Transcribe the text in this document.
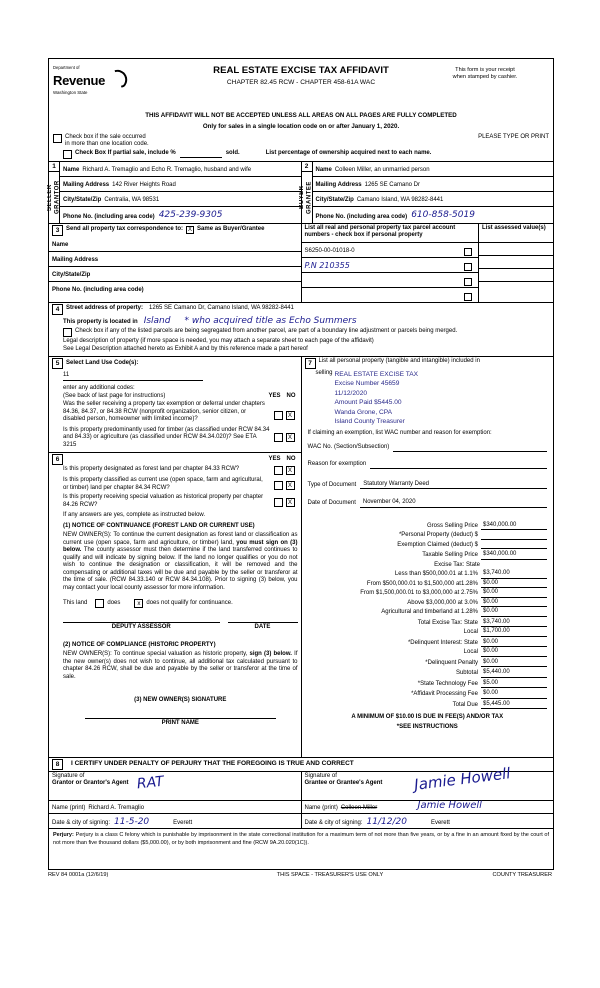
Department of
Revenue
Washington State
REAL ESTATE EXCISE TAX AFFIDAVIT
CHAPTER 82.45 RCW - CHAPTER 458-61A WAC
This form is your receipt
when stamped by cashier.
THIS AFFIDAVIT WILL NOT BE ACCEPTED UNLESS ALL AREAS ON ALL PAGES ARE FULLY COMPLETED
Only for sales in a single location code on or after January 1, 2020.
Check box if the sale occurred
in more than one location code.
PLEASE TYPE OR PRINT
Check Box If partial sale, include %	sold.	List percentage of ownership acquired next to each name.
1
SELLER GRANTOR
Name Richard A. Tremaglio and Echo R. Tremaglio, husband and wife
Mailing Address 142 River Heights Road
City/State/Zip Centralia, WA 98531
Phone No. (including area code) 425-239-9305
2
BUYER GRANTEE
Name Colleen Miller, an unmarried person
Mailing Address 1265 SE Camano Dr
City/State/Zip Camano Island, WA 98282-8441
Phone No. (including area code) 610-858-5019
3	Send all property tax correspondence to: X Same as Buyer/Grantee
Name
Mailing Address
City/State/Zip
Phone No. (including area code)
List all real and personal property tax parcel account numbers - check box if personal property
S6250-00-01018-0
P.N 210355
List assessed value(s)
4	Street address of property: 1265 SE Camano Dr, Camano Island, WA 98282-8441
This property is located in Island * who acquired title as Echo Summers
Check box if any of the listed parcels are being segregated from another parcel, are part of a boundary line adjustment or parcels being merged.
Legal description of property (if more space is needed, you may attach a separate sheet to each page of the affidavit)
See Legal Description attached hereto as Exhibit A and by this reference made a part hereof
5	Select Land Use Code(s):
11
enter any additional codes:
(See back of last page for instructions)	YES NO
Was the seller receiving a property tax exemption or deferral under chapters 84.36, 84.37, or 84.38 RCW (nonprofit organization, senior citizen, or disabled person, homeowner with limited income)?	X
Is this property predominantly used for timber (as classified under RCW 84.34 and 84.33) or agriculture (as classified under RCW 84.34.020)? See ETA 3215
X
6	YES NO
Is this property designated as forest land per chapter 84.33 RCW?	X
Is this property classified as current use (open space, farm and agricultural, or timber) land per chapter 84.34 RCW?	X
Is this property receiving special valuation as historical property per chapter 84.26 RCW?	X
If any answers are yes, complete as instructed below.
(1) NOTICE OF CONTINUANCE (FOREST LAND OR CURRENT USE)
NEW OWNER(S): To continue the current designation as forest land or classification as current use (open space, farm and agriculture, or timber) land, you must sign on (3) below. The county assessor must then determine if the land transferred continues to qualify and will indicate by signing below. If the land no longer qualifies or you do not wish to continue the designation or classification, it will be removed and the compensating or additional taxes will be due and payable by the seller or transferor at the time of sale. (RCW 84.33.140 or RCW 84.34.108). Prior to signing (3) below, you may contact your local county assessor for more information.
This land	does	x does not qualify for continuance.
DEPUTY ASSESSOR	DATE
(2) NOTICE OF COMPLIANCE (HISTORIC PROPERTY)
NEW OWNER(S): To continue special valuation as historic property, sign (3) below. If the new owner(s) does not wish to continue, all additional tax calculated pursuant to chapter 84.26 RCW, shall be due and payable by the seller or transferor at the time of sale.
(3) NEW OWNER(S) SIGNATURE
PRINT NAME
7	List all personal property (tangible and intangible) included in
selling REAL ESTATE EXCISE TAX
Excise Number 45659
11/12/2020
Amount Paid $5445.00
Wanda Grone, CPA
Island County Treasurer
If claiming an exemption, list WAC number and reason for exemption:
WAC No. (Section/Subsection)
Reason for exemption
Type of Document	Statutory Warranty Deed
Date of Document	November 04, 2020
Gross Selling Price $340,000.00
*Personal Property (deduct) $
Exemption Claimed (deduct) $
Taxable Selling Price $340,000.00
Excise Tax: State
Less than $500,000.01 at 1.1% $3,740.00
From $500,000.01 to $1,500,000 at1.28% $0.00
From $1,500,000.01 to $3,000,000 at 2.75% $0.00
Above $3,000,000 at 3.0% $0.00
Agricultural and timberland at 1.28% $0.00
Total Excise Tax: State $3,740.00
Local $1,700.00
*Delinquent Interest: State $0.00
Local $0.00
*Delinquent Penalty $0.00
Subtotal $5,440.00
*State Technology Fee $5.00
*Affidavit Processing Fee $0.00
Total Due $5,445.00
A MINIMUM OF $10.00 IS DUE IN FEE(S) AND/OR TAX
*SEE INSTRUCTIONS
8	I CERTIFY UNDER PENALTY OF PERJURY THAT THE FOREGOING IS TRUE AND CORRECT
Signature of
Grantor or Grantor's Agent RAT
Name (print) Richard A. Tremaglio
Date & city of signing: 11-5-20	Everett
Signature of
Grantee or Grantee's Agent	Jamie Howell
Name (print) Colleen Miller	Jamie Howell
Date & city of signing: 11/12/20	Everett
Perjury: Perjury is a class C felony which is punishable by imprisonment in the state correctional institution for a maximum term of not more than five years, or by a fine in an amount fixed by the court of not more than five thousand dollars ($5,000.00), or by both imprisonment and fine (RCW 9A.20.020(1C)).
REV 84 0001a (12/6/19)	THIS SPACE - TREASURER'S USE ONLY	COUNTY TREASURER
